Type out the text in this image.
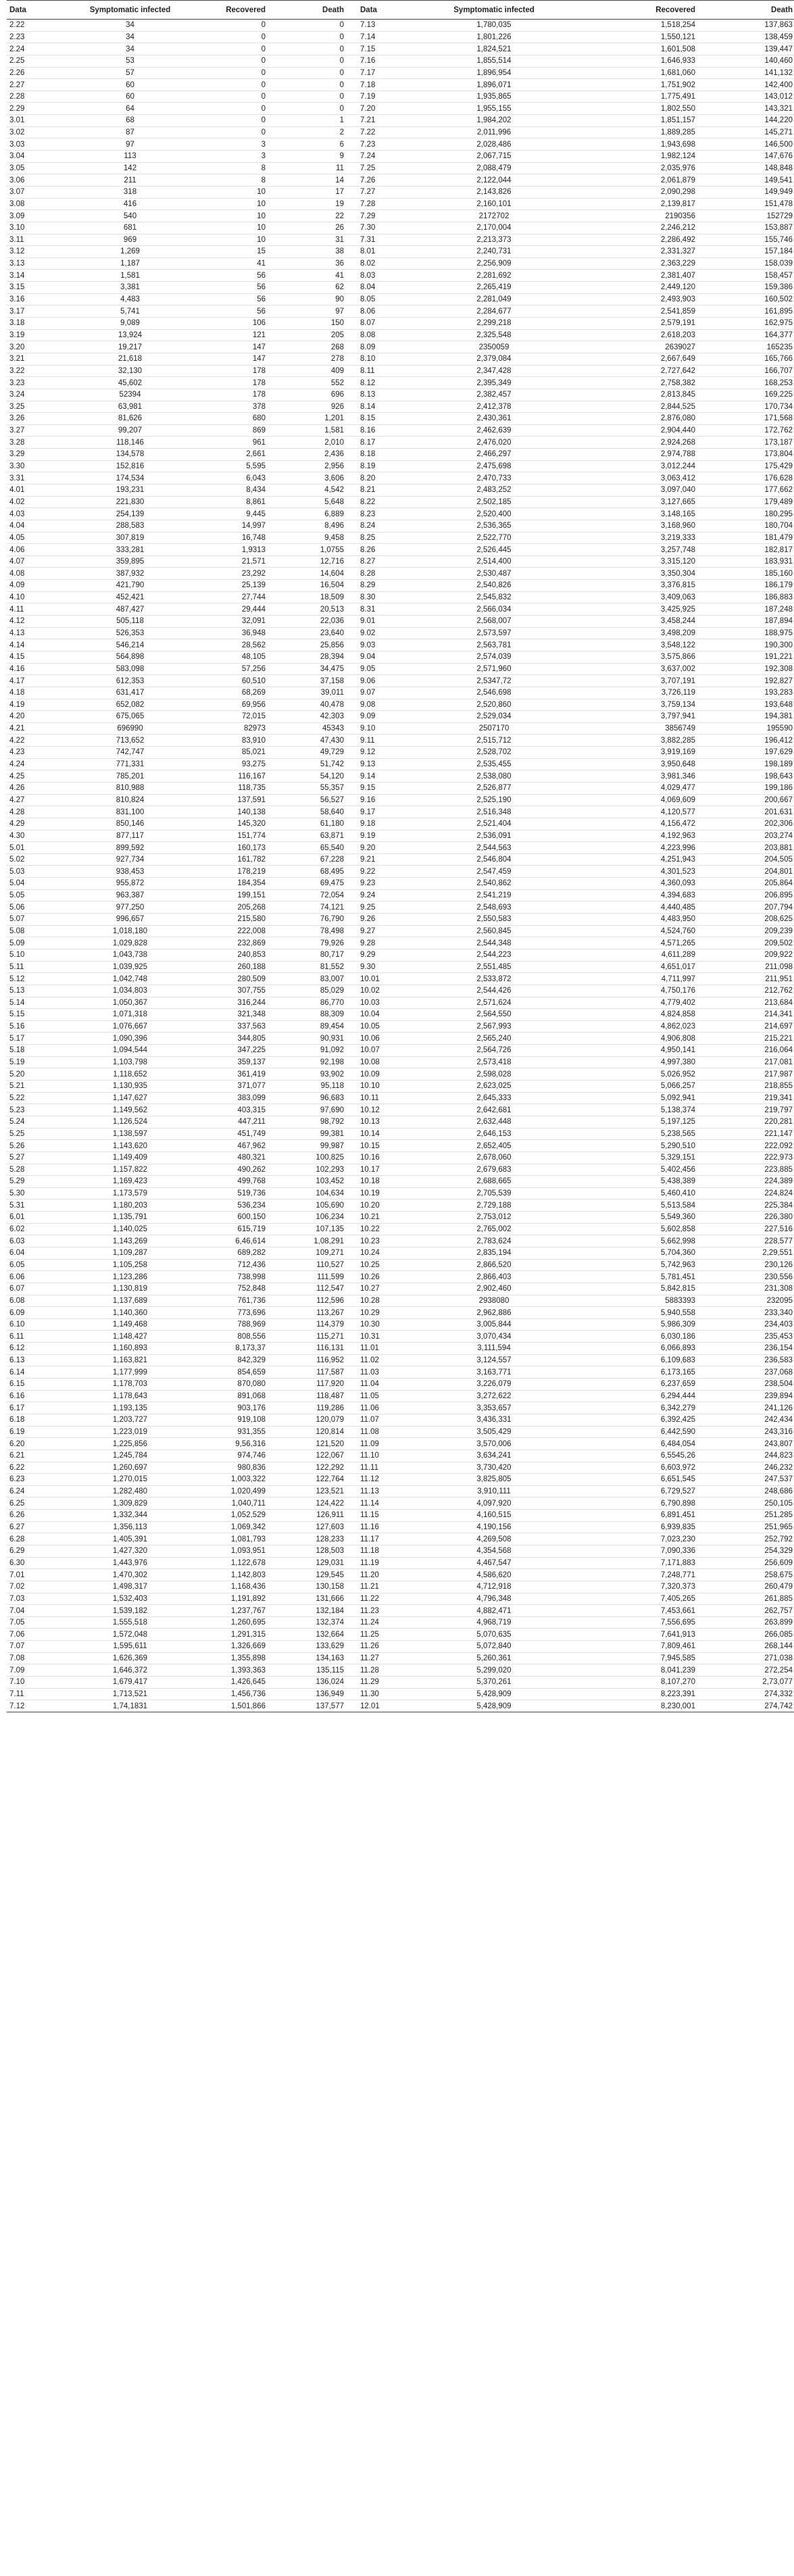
Data	Symptomatic infected	Recovered	Death	Data	Symptomatic infected	Recovered	Death
2.22	34	0	0	7.13	1,780,035	1,518,254	137,863
2.23	34	0	0	7.14	1,801,226	1,550,121	138,459
2.24	34	0	0	7.15	1,824,521	1,601,508	139,447
2.25	53	0	0	7.16	1,855,514	1,646,933	140,460
2.26	57	0	0	7.17	1,896,954	1,681,060	141,132
2.27	60	0	0	7.18	1,896,071	1,751,902	142,400
2.28	60	0	0	7.19	1,935,865	1,775,491	143,012
2.29	64	0	0	7.20	1,955,155	1,802,550	143,321
3.01	68	0	1	7.21	1,984,202	1,851,157	144,220
3.02	87	0	2	7.22	2,011,996	1,889,285	145,271
3.03	97	3	6	7.23	2,028,486	1,943,698	146,500
3.04	113	3	9	7.24	2,067,715	1,982,124	147,676
3.05	142	8	11	7.25	2,088,479	2,035,976	148,848
3.06	211	8	14	7.26	2,122,044	2,061,879	149,541
3.07	318	10	17	7.27	2,143,826	2,090,298	149,949
3.08	416	10	19	7.28	2,160,101	2,139,817	151,478
3.09	540	10	22	7.29	2172702	2190356	152729
3.10	681	10	26	7.30	2,170,004	2,246,212	153,887
3.11	969	10	31	7.31	2,213,373	2,286,492	155,746
3.12	1,269	15	38	8.01	2,240,731	2,331,327	157,184
3.13	1,187	41	36	8.02	2,256,909	2,363,229	158,039
3.14	1,581	56	41	8.03	2,281,692	2,381,407	158,457
3.15	3,381	56	62	8.04	2,265,419	2,449,120	159,386
3.16	4,483	56	90	8.05	2,281,049	2,493,903	160,502
3.17	5,741	56	97	8.06	2,284,677	2,541,859	161,895
3.18	9,089	106	150	8.07	2,299,218	2,579,191	162,975
3.19	13,924	121	205	8.08	2,325,548	2,618,203	164,377
3.20	19,217	147	268	8.09	2350059	2639027	165235
3.21	21,618	147	278	8.10	2,379,084	2,667,649	165,766
3.22	32,130	178	409	8.11	2,347,428	2,727,642	166,707
3.23	45,602	178	552	8.12	2,395,349	2,758,382	168,253
3.24	52394	178	696	8.13	2,382,457	2,813,845	169,225
3.25	63,981	378	926	8.14	2,412,378	2,844,525	170,734
3.26	81,626	680	1,201	8.15	2,430,361	2,876,080	171,568
3.27	99,207	869	1,581	8.16	2,462,639	2,904,440	172,762
3.28	118,146	961	2,010	8.17	2,476,020	2,924,268	173,187
3.29	134,578	2,661	2,436	8.18	2,466,297	2,974,788	173,804
3.30	152,816	5,595	2,956	8.19	2,475,698	3,012,244	175,429
3.31	174,534	6,043	3,606	8.20	2,470,733	3,063,412	176,628
4.01	193,231	8,434	4,542	8.21	2,483,252	3,097,040	177,662
4.02	221,830	8,861	5,648	8.22	2,502,185	3,127,665	179,489
4.03	254,139	9,445	6,889	8.23	2,520,400	3,148,165	180,295
4.04	288,583	14,997	8,496	8.24	2,536,365	3,168,960	180,704
4.05	307,819	16,748	9,458	8.25	2,522,770	3,219,333	181,479
4.06	333,281	1,9313	1,0755	8.26	2,526,445	3,257,748	182,817
4.07	359,895	21,571	12,716	8.27	2,514,400	3,315,120	183,931
4.08	387,932	23,292	14,604	8.28	2,530,487	3,350,304	185,160
4.09	421,790	25,139	16,504	8.29	2,540,826	3,376,815	186,179
4.10	452,421	27,744	18,509	8.30	2,545,832	3,409,063	186,883
4.11	487,427	29,444	20,513	8.31	2,566,034	3,425,925	187,248
4.12	505,118	32,091	22,036	9.01	2,568,007	3,458,244	187,894
4.13	526,353	36,948	23,640	9.02	2,573,597	3,498,209	188,975
4.14	546,214	28,562	25,856	9.03	2,563,781	3,548,122	190,300
4.15	564,898	48,105	28,394	9.04	2,574,039	3,575,866	191,221
4.16	583,098	57,256	34,475	9.05	2,571,960	3,637,002	192,308
4.17	612,353	60,510	37,158	9.06	2,5347,72	3,707,191	192,827
4.18	631,417	68,269	39,011	9.07	2,546,698	3,726,119	193,283
4.19	652,082	69,956	40,478	9.08	2,520,860	3,759,134	193,648
4.20	675,065	72,015	42,303	9.09	2,529,034	3,797,941	194,381
4.21	696990	82973	45343	9.10	2507170	3856749	195590
4.22	713,652	83,910	47,430	9.11	2,515,712	3,882,285	196,412
4.23	742,747	85,021	49,729	9.12	2,528,702	3,919,169	197,629
4.24	771,331	93,275	51,742	9.13	2,535,455	3,950,648	198,189
4.25	785,201	116,167	54,120	9.14	2,538,080	3,981,346	198,643
4.26	810,988	118,735	55,357	9.15	2,526,877	4,029,477	199,186
4.27	810,824	137,591	56,527	9.16	2,525,190	4,069,609	200,667
4.28	831,100	140,138	58,640	9.17	2,516,348	4,120,577	201,631
4.29	850,146	145,320	61,180	9.18	2,521,404	4,156,472	202,306
4.30	877,117	151,774	63,871	9.19	2,536,091	4,192,963	203,274
5.01	899,592	160,173	65,540	9.20	2,544,563	4,223,996	203,881
5.02	927,734	161,782	67,228	9.21	2,546,804	4,251,943	204,505
5.03	938,453	178,219	68,495	9.22	2,547,459	4,301,523	204,801
5.04	955,872	184,354	69,475	9.23	2,540,862	4,360,093	205,864
5.05	963,387	199,151	72,054	9.24	2,541,219	4,394,683	206,895
5.06	977,250	205,268	74,121	9.25	2,548,693	4,440,485	207,794
5.07	996,657	215,580	76,790	9.26	2,550,583	4,483,950	208,625
5.08	1,018,180	222,008	78,498	9.27	2,560,845	4,524,760	209,239
5.09	1,029,828	232,869	79,926	9.28	2,544,348	4,571,265	209,502
5.10	1,043,738	240,853	80,717	9.29	2,544,223	4,611,289	209,922
5.11	1,039,925	260,188	81,552	9.30	2,551,485	4,651,017	211,098
5.12	1,042,748	280,509	83,007	10.01	2,533,872	4,711,997	211,951
5.13	1,034,803	307,755	85,029	10.02	2,544,426	4,750,176	212,762
5.14	1,050,367	316,244	86,770	10.03	2,571,624	4,779,402	213,684
5.15	1,071,318	321,348	88,309	10.04	2,564,550	4,824,858	214,341
5.16	1,076,667	337,563	89,454	10.05	2,567,993	4,862,023	214,697
5.17	1,090,396	344,805	90,931	10.06	2,565,240	4,906,808	215,221
5.18	1,094,544	347,225	91,092	10.07	2,564,726	4,950,141	216,064
5.19	1,103,798	359,137	92,198	10.08	2,573,418	4,997,380	217,081
5.20	1,118,652	361,419	93,902	10.09	2,598,028	5,026,952	217,987
5.21	1,130,935	371,077	95,118	10.10	2,623,025	5,066,257	218,855
5.22	1,147,627	383,099	96,683	10.11	2,645,333	5,092,941	219,341
5.23	1,149,562	403,315	97,690	10.12	2,642,681	5,138,374	219,797
5.24	1,126,524	447,211	98,792	10.13	2,632,448	5,197,125	220,281
5.25	1,138,597	451,749	99,381	10.14	2,646,153	5,238,565	221,147
5.26	1,143,620	467,962	99,987	10.15	2,652,405	5,290,510	222,092
5.27	1,149,409	480,321	100,825	10.16	2,678,060	5,329,151	222,973
5.28	1,157,822	490,262	102,293	10.17	2,679,683	5,402,456	223,885
5.29	1,169,423	499,768	103,452	10.18	2,688,665	5,438,389	224,389
5.30	1,173,579	519,736	104,634	10.19	2,705,539	5,460,410	224,824
5.31	1,180,203	536,234	105,690	10.20	2,729,188	5,513,584	225,384
6.01	1,135,791	600,150	106,234	10.21	2,753,012	5,549,360	226,380
6.02	1,140,025	615,719	107,135	10.22	2,765,002	5,602,858	227,516
6.03	1,143,269	6,46,614	1,08,291	10.23	2,783,624	5,662,998	228,577
6.04	1,109,287	689,282	109,271	10.24	2,835,194	5,704,360	2,29,551
6.05	1,105,258	712,436	110,527	10.25	2,866,520	5,742,963	230,126
6.06	1,123,286	738,998	111,599	10.26	2,866,403	5,781,451	230,556
6.07	1,130,819	752,848	112,547	10.27	2,902,460	5,842,815	231,308
6.08	1,137,689	761,736	112,596	10.28	2938080	5883393	232095
6.09	1,140,360	773,696	113,267	10.29	2,962,886	5,940,558	233,340
6.10	1,149,468	788,969	114,379	10.30	3,005,844	5,986,309	234,403
6.11	1,148,427	808,556	115,271	10.31	3,070,434	6,030,186	235,453
6.12	1,160,893	8,173,37	116,131	11.01	3,111,594	6,066,893	236,154
6.13	1,163,821	842,329	116,952	11.02	3,124,557	6,109,683	236,583
6.14	1,177,999	854,659	117,587	11.03	3,163,771	6,173,165	237,068
6.15	1,178,703	870,080	117,920	11.04	3,226,079	6,237,659	238,504
6.16	1,178,643	891,068	118,487	11.05	3,272,622	6,294,444	239,894
6.17	1,193,135	903,176	119,286	11.06	3,353,657	6,342,279	241,126
6.18	1,203,727	919,108	120,079	11.07	3,436,331	6,392,425	242,434
6.19	1,223,019	931,355	120,814	11.08	3,505,429	6,442,590	243,316
6.20	1,225,856	9,56,316	121,520	11.09	3,570,006	6,484,054	243,807
6.21	1,245,784	974,746	122,067	11.10	3,634,241	6,5545,26	244,823
6.22	1,260,697	980,836	122,292	11.11	3,730,420	6,603,972	246,232
6.23	1,270,015	1,003,322	122,764	11.12	3,825,805	6,651,545	247,537
6.24	1,282,480	1,020,499	123,521	11.13	3,910,111	6,729,527	248,686
6.25	1,309,829	1,040,711	124,422	11.14	4,097,920	6,790,898	250,105
6.26	1,332,344	1,052,529	126,911	11.15	4,160,515	6,891,451	251,285
6.27	1,356,113	1,069,342	127,603	11.16	4,190,156	6,939,835	251,965
6.28	1,405,391	1,081,793	128,233	11.17	4,269,508	7,023,230	252,792
6.29	1,427,320	1,093,951	128,503	11.18	4,354,568	7,090,336	254,329
6.30	1,443,976	1,122,678	129,031	11.19	4,467,547	7,171,883	256,609
7.01	1,470,302	1,142,803	129,545	11.20	4,586,620	7,248,771	258,675
7.02	1,498,317	1,168,436	130,158	11.21	4,712,918	7,320,373	260,479
7.03	1,532,403	1,191,892	131,666	11.22	4,796,348	7,405,265	261,885
7.04	1,539,182	1,237,767	132,184	11.23	4,882,471	7,453,661	262,757
7.05	1,555,518	1,260,695	132,374	11.24	4,968,719	7,556,695	263,899
7.06	1,572,048	1,291,315	132,664	11.25	5,070,635	7,641,913	266,085
7.07	1,595,611	1,326,669	133,629	11.26	5,072,840	7,809,461	268,144
7.08	1,626,369	1,355,898	134,163	11.27	5,260,361	7,945,585	271,038
7.09	1,646,372	1,393,363	135,115	11.28	5,299,020	8,041,239	272,254
7.10	1,679,417	1,426,645	136,024	11.29	5,370,261	8,107,270	2,73,077
7.11	1,713,521	1,456,736	136,949	11.30	5,428,909	8,223,391	274,332
7.12	1,74,1831	1,501,866	137,577	12.01	5,428,909	8,230,001	274,742
